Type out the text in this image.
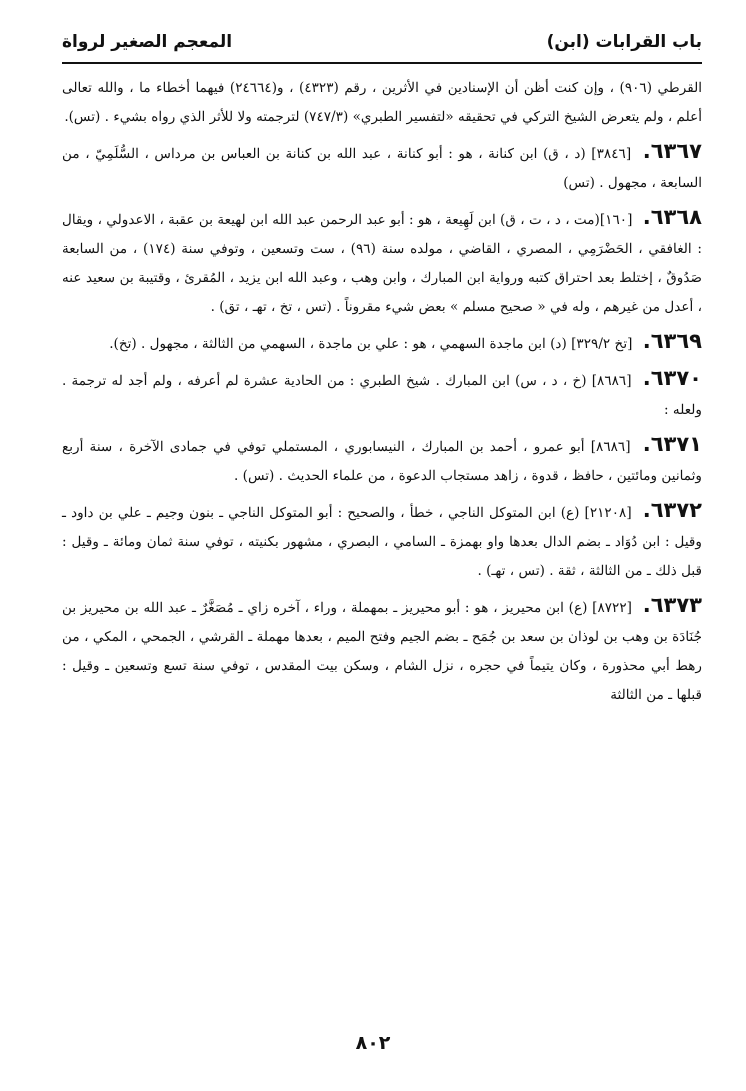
باب القرابات (ابن)
المعجم الصغير لرواة

القرطي (٩٠٦) ، وإن كنت أظن أن الإسنادين في الأثرين ، رقم (٤٣٢٣) ، و(٢٤٦٦٤) فيهما أخطاء ما ، والله تعالى أعلم ، ولم يتعرض الشيخ التركي في تحقيقه «لتفسير الطبري» (٧٤٧/٣) لترجمته ولا للأثر الذي رواه بشيء . (تس).

٦٣٦٧. [٣٨٤٦] (د ، ق) ابن كنانة ، هو : أبو كنانة ، عبد الله بن كنانة بن العباس بن مرداس ، السُّلَمِيّ ، من السابعة ، مجهول . (تس)

٦٣٦٨. [١٦٠](مت ، د ، ت ، ق) ابن لَهِيعة ، هو : أبو عبد الرحمن عبد الله ابن لهيعة بن عقبة ، الاعدولي ، ويقال : الغافقي ، الحَضْرَمِي ، المصري ، القاضي ، مولده سنة (٩٦) ، ست وتسعين ، وتوفي سنة (١٧٤) ، من السابعة صَدُوقٌ ، إختلط بعد احتراق كتبه ورواية ابن المبارك ، وابن وهب ، وعبد الله ابن يزيد ، المُقرئ ، وقتيبة بن سعيد عنه ، أعدل من غيرهم ، وله في « صحيح مسلم » بعض شيء مقروناً . (تس ، تخ ، تهـ ، تق) .

٦٣٦٩. [تخ ٣٢٩/٢] (د) ابن ماجدة السهمي ، هو : علي بن ماجدة ، السهمي من الثالثة ، مجهول . (تخ).

٦٣٧٠. [٨٦٨٦] (خ ، د ، س) ابن المبارك . شيخ الطبري : من الحادية عشرة لم أعرفه ، ولم أجد له ترجمة . ولعله :

٦٣٧١. [٨٦٨٦] أبو عمرو ، أحمد بن المبارك ، النيسابوري ، المستملي توفي في جمادى الآخرة ، سنة أربع وثمانين ومائتين ، حافظ ، قدوة ، زاهد مستجاب الدعوة ، من علماء الحديث . (تس) .

٦٣٧٢. [٢١٢٠٨] (ع) ابن المتوكل الناجي ، خطأ ، والصحيح : أبو المتوكل الناجي ـ بنون وجيم ـ علي بن داود ـ وقيل : ابن دُوَاد ـ بضم الدال بعدها واو بهمزة ـ السامي ، البصري ، مشهور بكنيته ، توفي سنة ثمان ومائة ـ وقيل : قبل ذلك ـ من الثالثة ، ثقة . (تس ، تهـ) .

٦٣٧٣. [٨٧٢٢] (ع) ابن محيريز ، هو : أبو محيريز ـ بمهملة ، وراء ، آخره زاي ـ مُصَغَّرٌ ـ عبد الله بن محيريز بن جُنَادَة بن وهب بن لوذان بن سعد بن جُمَح ـ بضم الجيم وفتح الميم ، بعدها مهملة ـ القرشي ، الجمحي ، المكي ، من رهط أبي محذورة ، وكان يتيماً في حجره ، نزل الشام ، وسكن بيت المقدس ، توفي سنة تسع وتسعين ـ وقيل : قبلها ـ من الثالثة

٨٠٢
